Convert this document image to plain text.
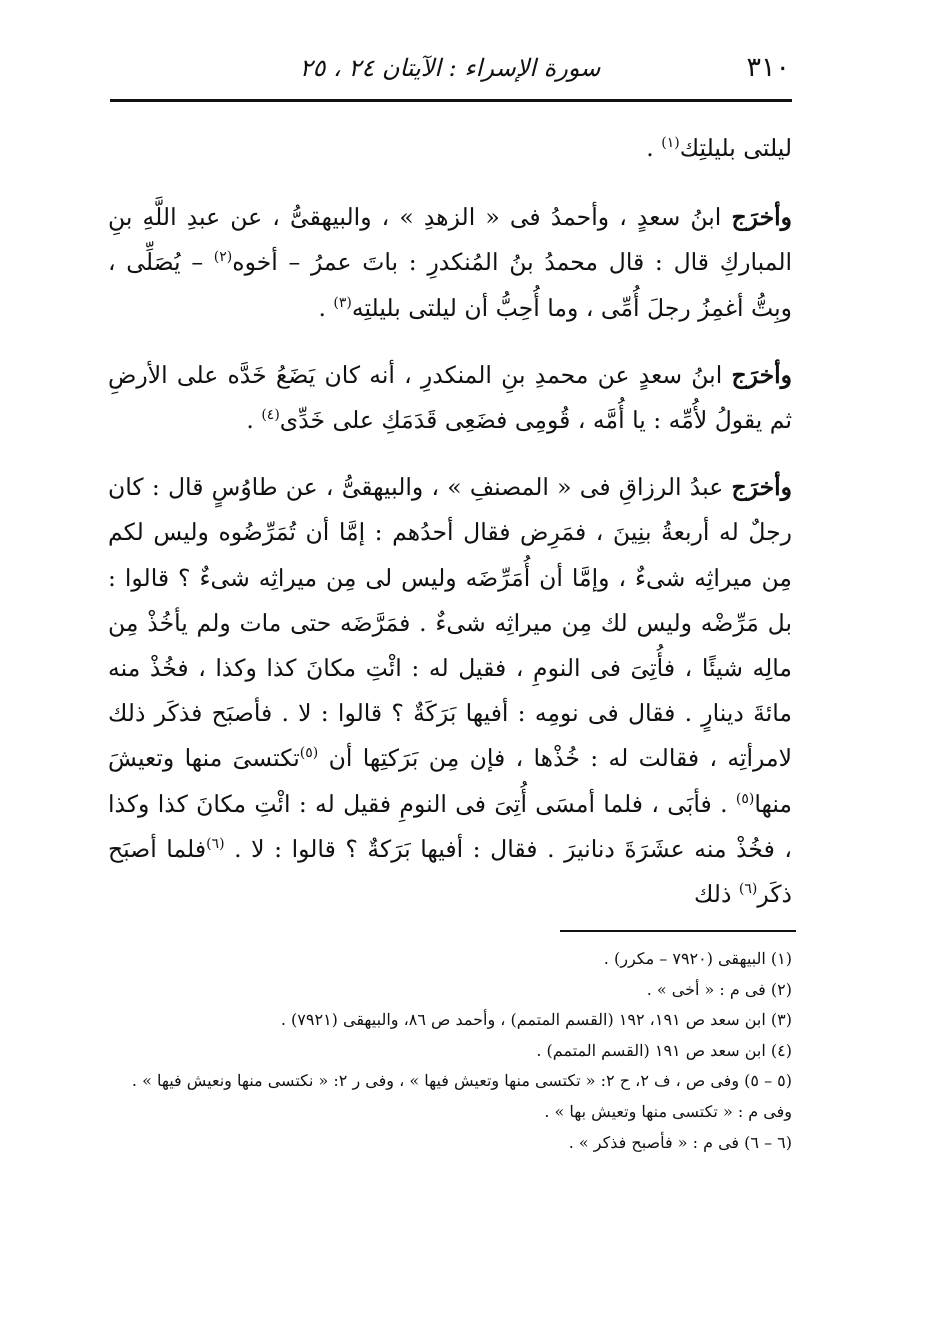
٣١٠
سورة الإسراء : الآيتان ٢٤ ، ٢٥

ليلتى بليلتِك$^{(١)}$ .

وأخرَج ابنُ سعدٍ ، وأحمدُ فى « الزهدِ » ، والبيهقىُّ ، عن عبدِ اللَّهِ بنِ المباركِ قال : قال محمدُ بنُ المُنكدرِ : باتَ عمرُ – أخوه$^{(٢)}$ – يُصَلِّى ، وبِتُّ أغمِزُ رجلَ أُمِّى ، وما أُحِبُّ أن ليلتى بليلتِه$^{(٣)}$ .

وأخرَج ابنُ سعدٍ عن محمدِ بنِ المنكدرِ ، أنه كان يَضَعُ خَدَّه على الأرضِ ثم يقولُ لأُمِّه : يا أُمَّه ، قُومِى فضَعِى قَدَمَكِ على خَدِّى$^{(٤)}$ .

وأخرَج عبدُ الرزاقِ فى « المصنفِ » ، والبيهقىُّ ، عن طاوُسٍ قال : كان رجلٌ له أربعةُ بنِينَ ، فمَرِض فقال أحدُهم : إمَّا أن تُمَرِّضُوه وليس لكم مِن ميراثِه شىءٌ ، وإمَّا أن أُمَرِّضَه وليس لى مِن ميراثِه شىءٌ ؟ قالوا : بل مَرِّضْه وليس لك مِن ميراثِه شىءٌ . فمَرَّضَه حتى مات ولم يأخُذْ مِن مالِه شيئًا ، فأُتِىَ فى النومِ ، فقيل له : ائْتِ مكانَ كذا وكذا ، فخُذْ منه مائةَ دينارٍ . فقال فى نومِه : أفيها بَرَكَةٌ ؟ قالوا : لا . فأصبَح فذكَر ذلك لامرأتِه ، فقالت له : خُذْها ، فإن مِن بَرَكتِها أن $^{(٥)}$تكتسىَ منها وتعيشَ منها$^{(٥)}$ . فأبَى ، فلما أمسَى أُتِىَ فى النومِ فقيل له : ائْتِ مكانَ كذا وكذا ، فخُذْ منه عشَرَةَ دنانيرَ . فقال : أفيها بَرَكةٌ ؟ قالوا : لا . $^{(٦)}$فلما أصبَح ذكَر$^{(٦)}$ ذلك

(١) البيهقى (٧٩٢٠ – مكرر) .
(٢) فى م : « أخى » .
(٣) ابن سعد ص ١٩١، ١٩٢ (القسم المتمم) ، وأحمد ص ٨٦، والبيهقى (٧٩٢١) .
(٤) ابن سعد ص ١٩١ (القسم المتمم) .
(٥ – ٥) وفى ص ، ف ٢، ح ٢: « تكتسى منها وتعيش فيها » ، وفى ر ٢: « نكتسى منها ونعيش فيها » .
وفى م : « تكتسى منها وتعيش بها » .
(٦ – ٦) فى م : « فأصبح فذكر » .
